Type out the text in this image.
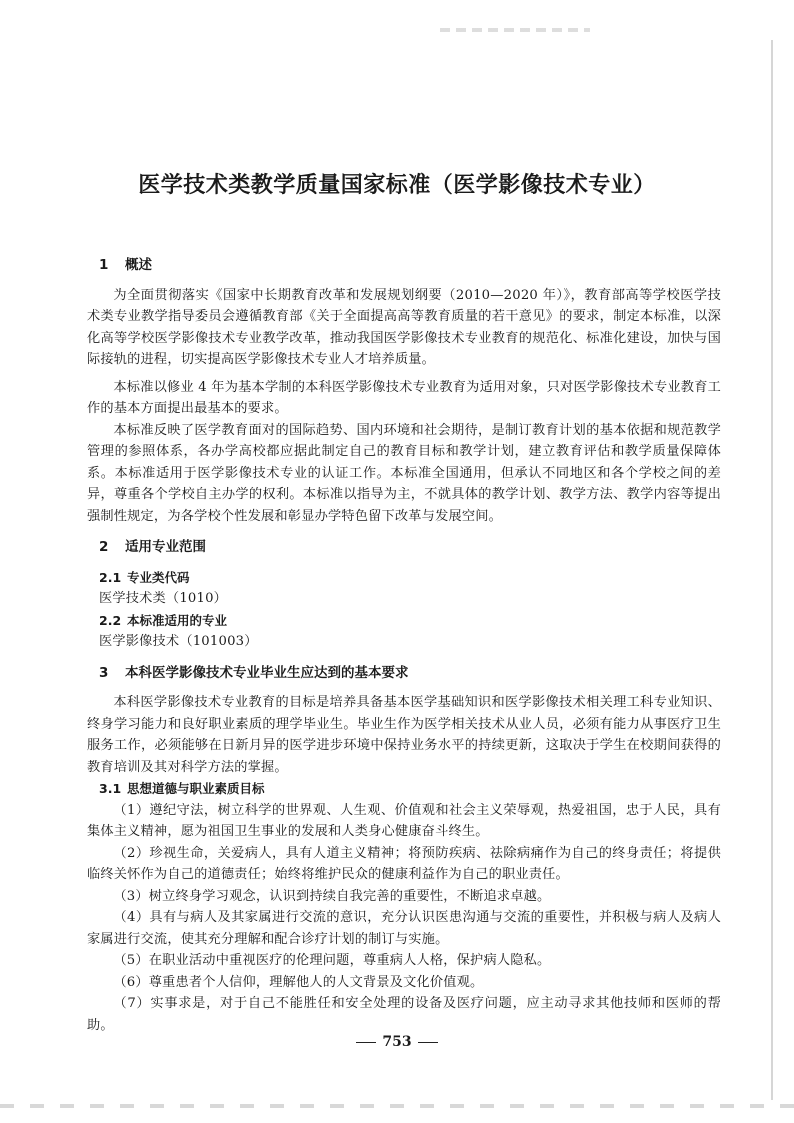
医学技术类教学质量国家标准（医学影像技术专业）
1 概述

为全面贯彻落实《国家中长期教育改革和发展规划纲要（2010—2020 年）》，教育部高等学校医学技术类专业教学指导委员会遵循教育部《关于全面提高高等教育质量的若干意见》的要求，制定本标准，以深化高等学校医学影像技术专业教学改革，推动我国医学影像技术专业教育的规范化、标准化建设，加快与国际接轨的进程，切实提高医学影像技术专业人才培养质量。

本标准以修业 4 年为基本学制的本科医学影像技术专业教育为适用对象，只对医学影像技术专业教育工作的基本方面提出最基本的要求。

本标准反映了医学教育面对的国际趋势、国内环境和社会期待，是制订教育计划的基本依据和规范教学管理的参照体系，各办学高校都应据此制定自己的教育目标和教学计划，建立教育评估和教学质量保障体系。本标准适用于医学影像技术专业的认证工作。本标准全国通用，但承认不同地区和各个学校之间的差异，尊重各个学校自主办学的权利。本标准以指导为主，不就具体的教学计划、教学方法、教学内容等提出强制性规定，为各学校个性发展和彰显办学特色留下改革与发展空间。

2 适用专业范围
2.1 专业类代码

医学技术类（1010）

2.2 本标准适用的专业

医学影像技术（101003）

3 本科医学影像技术专业毕业生应达到的基本要求

本科医学影像技术专业教育的目标是培养具备基本医学基础知识和医学影像技术相关理工科专业知识、终身学习能力和良好职业素质的理学毕业生。毕业生作为医学相关技术从业人员，必须有能力从事医疗卫生服务工作，必须能够在日新月异的医学进步环境中保持业务水平的持续更新，这取决于学生在校期间获得的教育培训及其对科学方法的掌握。

3.1 思想道德与职业素质目标

（1）遵纪守法，树立科学的世界观、人生观、价值观和社会主义荣辱观，热爱祖国，忠于人民，具有集体主义精神，愿为祖国卫生事业的发展和人类身心健康奋斗终生。

（2）珍视生命，关爱病人，具有人道主义精神；将预防疾病、祛除病痛作为自己的终身责任；将提供临终关怀作为自己的道德责任；始终将维护民众的健康利益作为自己的职业责任。

（3）树立终身学习观念，认识到持续自我完善的重要性，不断追求卓越。

（4）具有与病人及其家属进行交流的意识，充分认识医患沟通与交流的重要性，并积极与病人及病人家属进行交流，使其充分理解和配合诊疗计划的制订与实施。

（5）在职业活动中重视医疗的伦理问题，尊重病人人格，保护病人隐私。

（6）尊重患者个人信仰，理解他人的人文背景及文化价值观。

（7）实事求是，对于自己不能胜任和安全处理的设备及医疗问题，应主动寻求其他技师和医师的帮助。

753
